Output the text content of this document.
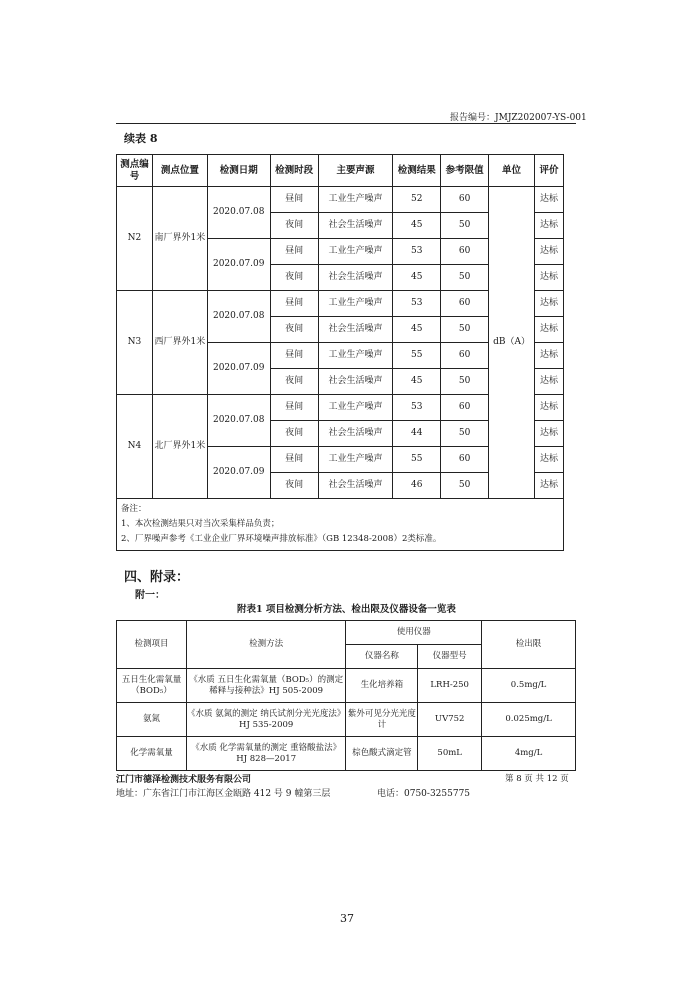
报告编号：JMJZ202007-YS-001
续表 8
测点编号	测点位置	检测日期	检测时段	主要声源	检测结果	参考限值	单位	评价
N2	南厂界外1米	2020.07.08	昼间	工业生产噪声	52	60	dB（A）	达标
			夜间	社会生活噪声	45	50		达标
		2020.07.09	昼间	工业生产噪声	53	60		达标
			夜间	社会生活噪声	45	50		达标
N3	西厂界外1米	2020.07.08	昼间	工业生产噪声	53	60		达标
			夜间	社会生活噪声	45	50		达标
		2020.07.09	昼间	工业生产噪声	55	60		达标
			夜间	社会生活噪声	45	50		达标
N4	北厂界外1米	2020.07.08	昼间	工业生产噪声	53	60		达标
			夜间	社会生活噪声	44	50		达标
		2020.07.09	昼间	工业生产噪声	55	60		达标
			夜间	社会生活噪声	46	50		达标

备注：
1、本次检测结果只对当次采集样品负责；
2、厂界噪声参考《工业企业厂界环境噪声排放标准》（GB 12348-2008）2类标准。								
四、附录：
附一：
附表1 项目检测分析方法、检出限及仪器设备一览表
检测项目	检测方法	使用仪器		检出限
		仪器名称	仪器型号	
五日生化需氧量（BOD₅）	《水质 五日生化需氧量（BOD₅）的测定 稀释与接种法》HJ 505-2009	生化培养箱	LRH-250	0.5mg/L
氨氮	《水质 氨氮的测定 纳氏试剂分光光度法》HJ 535-2009	紫外可见分光光度计	UV752	0.025mg/L
化学需氧量	《水质 化学需氧量的测定 重铬酸盐法》HJ 828—2017	棕色酸式滴定管	50mL	4mg/L
江门市德泽检测技术服务有限公司	第 8 页 共 12 页
地址：广东省江门市江海区金瓯路 412 号 9 幢第三层	电话：0750-3255775
37
